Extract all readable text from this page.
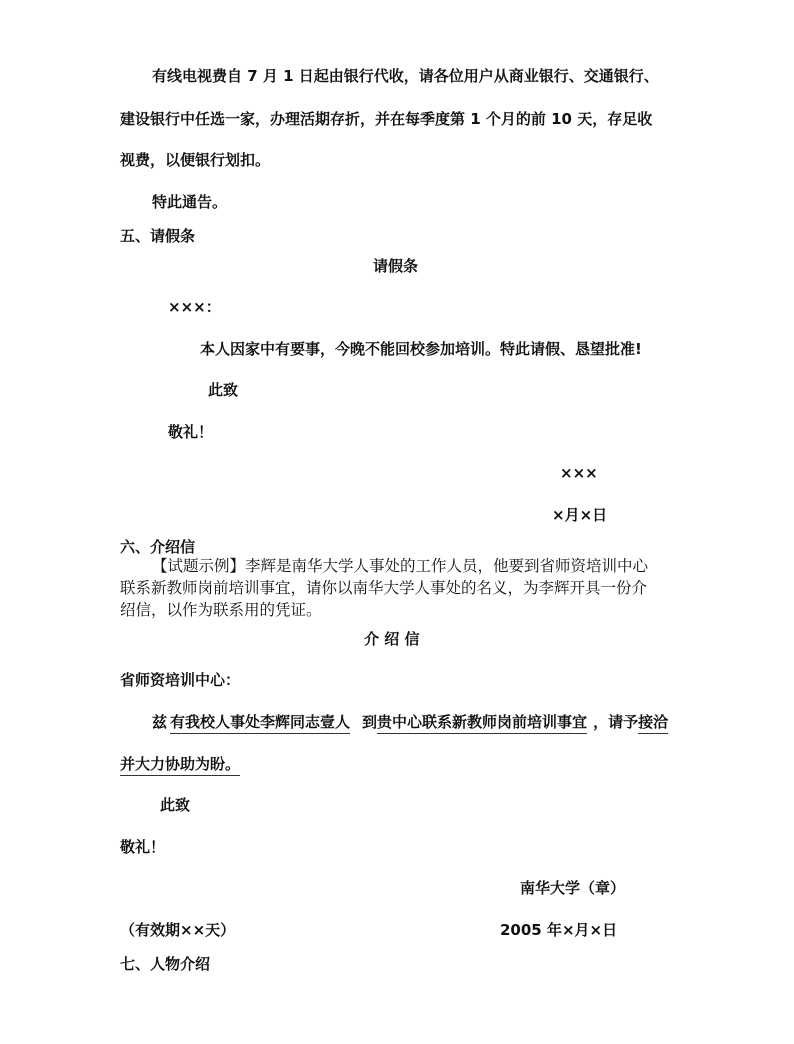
有线电视费自 7 月 1 日起由银行代收，请各位用户从商业银行、交通银行、
建设银行中任选一家，办理活期存折，并在每季度第 1 个月的前 10 天，存足收
视费，以便银行划扣。
特此通告。
五、请假条
请假条
×××：
本人因家中有要事，今晚不能回校参加培训。特此请假、恳望批准!
此致
敬礼！
×××
×月×日
六、介绍信
【试题示例】李辉是南华大学人事处的工作人员，他要到省师资培训中心
联系新教师岗前培训事宜，请你以南华大学人事处的名义，为李辉开具一份介
绍信，以作为联系用的凭证。
介 绍 信
省师资培训中心：
兹 有我校人事处李辉同志壹人 到贵中心联系新教师岗前培训事宜 ，请予接洽
并大力协助为盼。
此致
敬礼！
南华大学（章）
（有效期××天）	2005 年×月×日
七、人物介绍
